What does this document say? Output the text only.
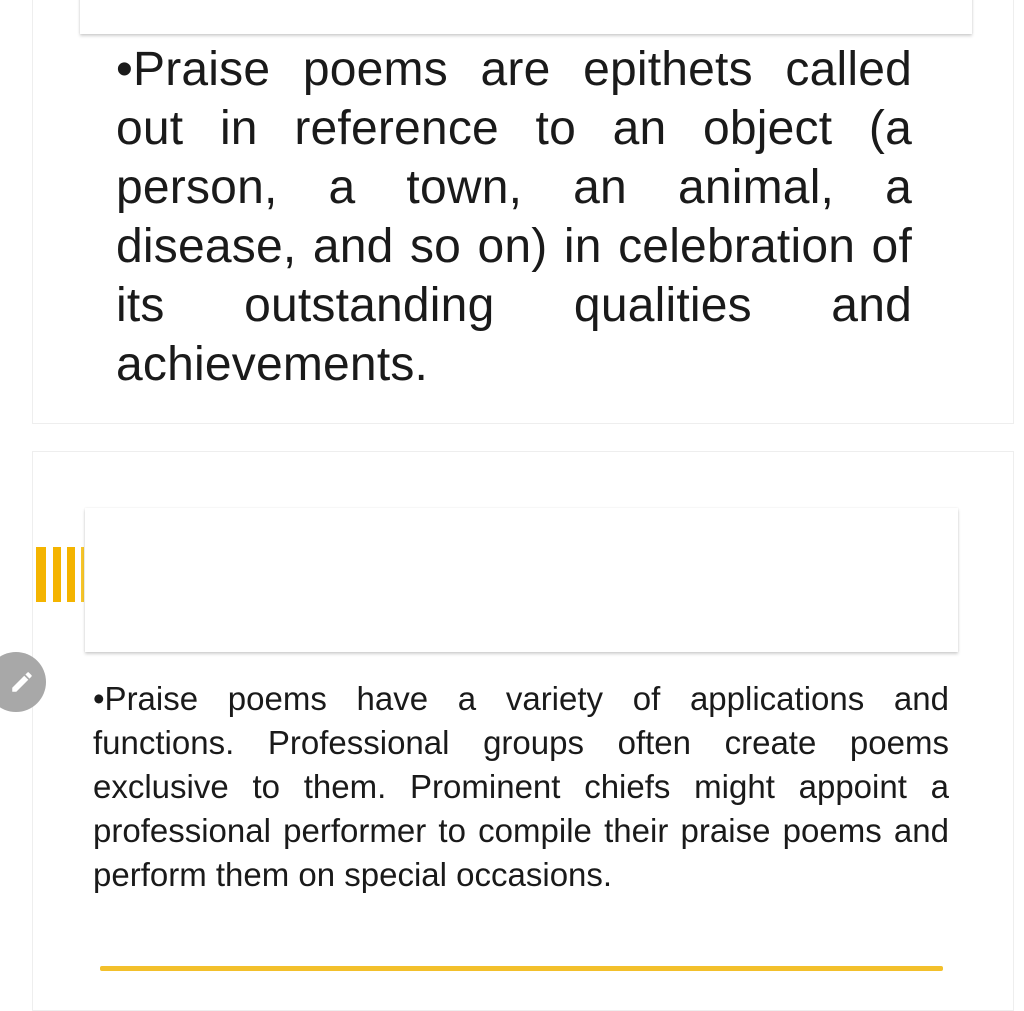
•Praise poems are epithets called out in reference to an object (a person, a town, an animal, a disease, and so on) in celebration of its outstanding qualities and achievements.

•Praise poems have a variety of applications and functions. Professional groups often create poems exclusive to them. Prominent chiefs might appoint a professional performer to compile their praise poems and perform them on special occasions.
